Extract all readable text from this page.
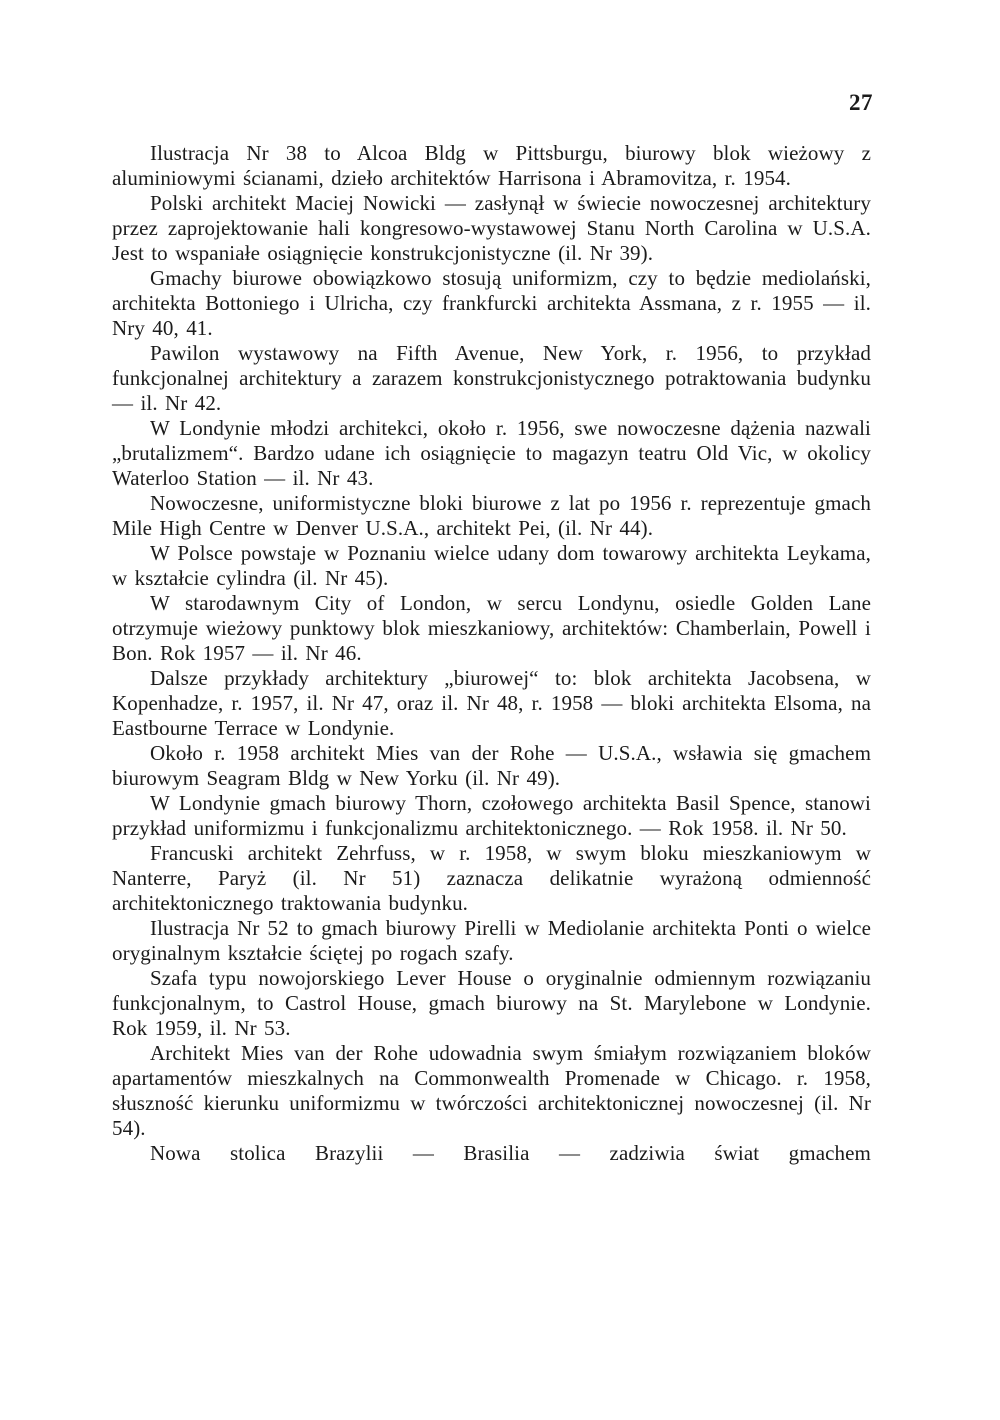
27

Ilustracja Nr 38 to Alcoa Bldg w Pittsburgu, biurowy blok wieżowy z aluminiowymi ścianami, dzieło architektów Harrisona i Abramovitza, r. 1954.

Polski architekt Maciej Nowicki — zasłynął w świecie nowoczesnej architektury przez zaprojektowanie hali kongresowo-wystawowej Stanu North Carolina w U.S.A. Jest to wspaniałe osiągnięcie konstrukcjonistyczne (il. Nr 39).

Gmachy biurowe obowiązkowo stosują uniformizm, czy to będzie mediolański, architekta Bottoniego i Ulricha, czy frankfurcki architekta Assmana, z r. 1955 — il. Nry 40, 41.

Pawilon wystawowy na Fifth Avenue, New York, r. 1956, to przykład funkcjonalnej architektury a zarazem konstrukcjonistycznego potraktowania budynku — il. Nr 42.

W Londynie młodzi architekci, około r. 1956, swe nowoczesne dążenia nazwali „brutalizmem“. Bardzo udane ich osiągnięcie to magazyn teatru Old Vic, w okolicy Waterloo Station — il. Nr 43.

Nowoczesne, uniformistyczne bloki biurowe z lat po 1956 r. reprezentuje gmach Mile High Centre w Denver U.S.A., architekt Pei, (il. Nr 44).

W Polsce powstaje w Poznaniu wielce udany dom towarowy architekta Leykama, w kształcie cylindra (il. Nr 45).

W starodawnym City of London, w sercu Londynu, osiedle Golden Lane otrzymuje wieżowy punktowy blok mieszkaniowy, architektów: Chamberlain, Powell i Bon. Rok 1957 — il. Nr 46.

Dalsze przykłady architektury „biurowej“ to: blok architekta Jacobsena, w Kopenhadze, r. 1957, il. Nr 47, oraz il. Nr 48, r. 1958 — bloki architekta Elsoma, na Eastbourne Terrace w Londynie.

Około r. 1958 architekt Mies van der Rohe — U.S.A., wsławia się gmachem biurowym Seagram Bldg w New Yorku (il. Nr 49).

W Londynie gmach biurowy Thorn, czołowego architekta Basil Spence, stanowi przykład uniformizmu i funkcjonalizmu architektonicznego. — Rok 1958. il. Nr 50.

Francuski architekt Zehrfuss, w r. 1958, w swym bloku mieszkaniowym w Nanterre, Paryż (il. Nr 51) zaznacza delikatnie wyrażoną odmienność architektonicznego traktowania budynku.

Ilustracja Nr 52 to gmach biurowy Pirelli w Mediolanie architekta Ponti o wielce oryginalnym kształcie ściętej po rogach szafy.

Szafa typu nowojorskiego Lever House o oryginalnie odmiennym rozwiązaniu funkcjonalnym, to Castrol House, gmach biurowy na St. Marylebone w Londynie. Rok 1959, il. Nr 53.

Architekt Mies van der Rohe udowadnia swym śmiałym rozwiązaniem bloków apartamentów mieszkalnych na Commonwealth Promenade w Chicago. r. 1958, słuszność kierunku uniformizmu w twórczości architektonicznej nowoczesnej (il. Nr 54).

Nowa stolica Brazylii — Brasilia — zadziwia świat gmachem
